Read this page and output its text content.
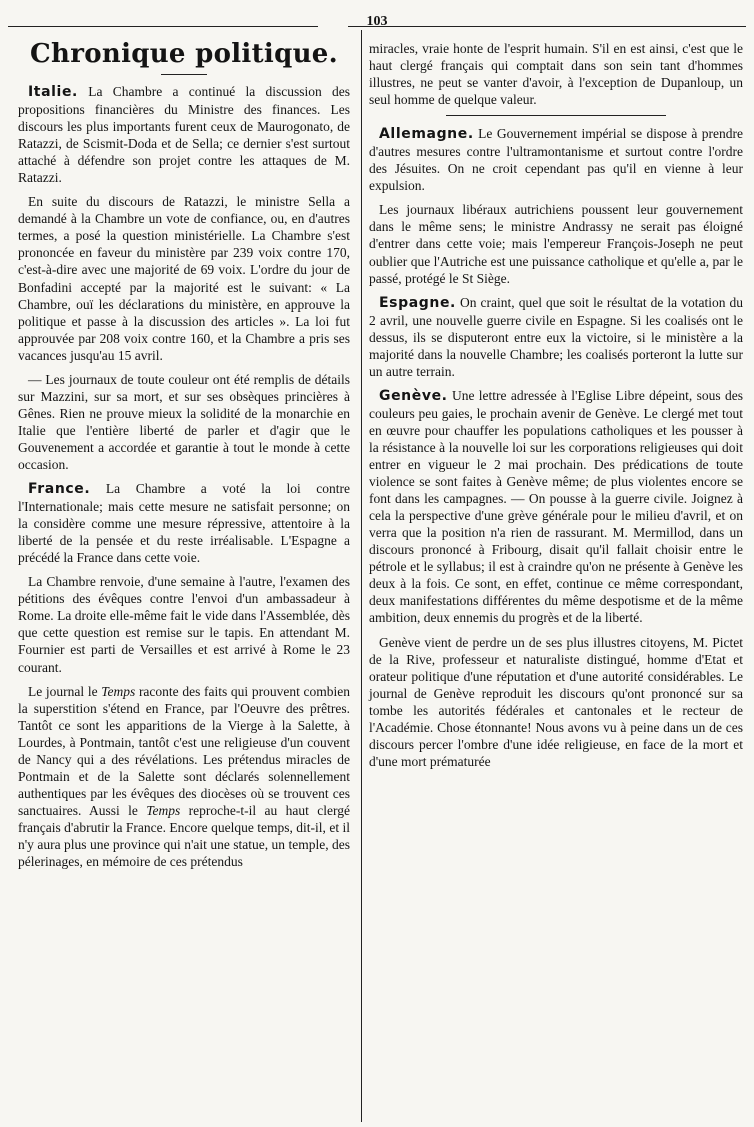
103
Chronique politique.

Italie. La Chambre a continué la discussion des propositions financières du Ministre des finances. Les discours les plus importants furent ceux de Maurogonato, de Ratazzi, de Scismit-Doda et de Sella; ce dernier s'est surtout attaché à défendre son projet contre les attaques de M. Ratazzi.

En suite du discours de Ratazzi, le ministre Sella a demandé à la Chambre un vote de confiance, ou, en d'autres termes, a posé la question ministérielle. La Chambre s'est prononcée en faveur du ministère par 239 voix contre 170, c'est-à-dire avec une majorité de 69 voix. L'ordre du jour de Bonfadini accepté par la majorité est le suivant: « La Chambre, ouï les déclarations du ministère, en approuve la politique et passe à la discussion des articles ». La loi fut approuvée par 208 voix contre 160, et la Chambre a pris ses vacances jusqu'au 15 avril.

— Les journaux de toute couleur ont été remplis de détails sur Mazzini, sur sa mort, et sur ses obsèques princières à Gênes. Rien ne prouve mieux la solidité de la monarchie en Italie que l'entière liberté de parler et d'agir que le Gouvenement a accordée et garantie à tout le monde à cette occasion.

France. La Chambre a voté la loi contre l'Internationale; mais cette mesure ne satisfait personne; on la considère comme une mesure répressive, attentoire à la liberté de la pensée et du reste irréalisable. L'Espagne a précédé la France dans cette voie.

La Chambre renvoie, d'une semaine à l'autre, l'examen des pétitions des évêques contre l'envoi d'un ambassadeur à Rome. La droite elle-même fait le vide dans l'Assemblée, dès que cette question est remise sur le tapis. En attendant M. Fournier est parti de Versailles et est arrivé à Rome le 23 courant.

Le journal le Temps raconte des faits qui prouvent combien la superstition s'étend en France, par l'Oeuvre des prêtres. Tantôt ce sont les apparitions de la Vierge à la Salette, à Lourdes, à Pontmain, tantôt c'est une religieuse d'un couvent de Nancy qui a des révélations. Les prétendus miracles de Pontmain et de la Salette sont déclarés solennellement authentiques par les évêques des diocèses où se trouvent ces sanctuaires. Aussi le Temps reproche-t-il au haut clergé français d'abrutir la France. Encore quelque temps, dit-il, et il n'y aura plus une province qui n'ait une statue, un temple, des pélerinages, en mémoire de ces prétendus

miracles, vraie honte de l'esprit humain. S'il en est ainsi, c'est que le haut clergé français qui comptait dans son sein tant d'hommes illustres, ne peut se vanter d'avoir, à l'exception de Dupanloup, un seul homme de quelque valeur.

Allemagne. Le Gouvernement impérial se dispose à prendre d'autres mesures contre l'ultramontanisme et surtout contre l'ordre des Jésuites. On ne croit cependant pas qu'il en vienne à leur expulsion.

Les journaux libéraux autrichiens poussent leur gouvernement dans le même sens; le ministre Andrassy ne serait pas éloigné d'entrer dans cette voie; mais l'empereur François-Joseph ne peut oublier que l'Autriche est une puissance catholique et qu'elle a, par le passé, protégé le St Siège.

Espagne. On craint, quel que soit le résultat de la votation du 2 avril, une nouvelle guerre civile en Espagne. Si les coalisés ont le dessus, ils se disputeront entre eux la victoire, si le ministère a la majorité dans la nouvelle Chambre; les coalisés porteront la lutte sur un autre terrain.

Genève. Une lettre adressée à l'Eglise Libre dépeint, sous des couleurs peu gaies, le prochain avenir de Genève. Le clergé met tout en œuvre pour chauffer les populations catholiques et les pousser à la résistance à la nouvelle loi sur les corporations religieuses qui doit entrer en vigueur le 2 mai prochain. Des prédications de toute violence se sont faites à Genève même; de plus violentes encore se font dans les campagnes. — On pousse à la guerre civile. Joignez à cela la perspective d'une grève générale pour le milieu d'avril, et on verra que la position n'a rien de rassurant. M. Mermillod, dans un discours prononcé à Fribourg, disait qu'il fallait choisir entre le pétrole et le syllabus; il est à craindre qu'on ne présente à Genève les deux à la fois. Ce sont, en effet, continue ce même correspondant, deux manifestations différentes du même despotisme et de la même ambition, deux ennemis du progrès et de la liberté.

Genève vient de perdre un de ses plus illustres citoyens, M. Pictet de la Rive, professeur et naturaliste distingué, homme d'Etat et orateur politique d'une réputation et d'une autorité considérables. Le journal de Genève reproduit les discours qu'ont prononcé sur sa tombe les autorités fédérales et cantonales et le recteur de l'Académie. Chose étonnante! Nous avons vu à peine dans un de ces discours percer l'ombre d'une idée religieuse, en face de la mort et d'une mort prématurée
